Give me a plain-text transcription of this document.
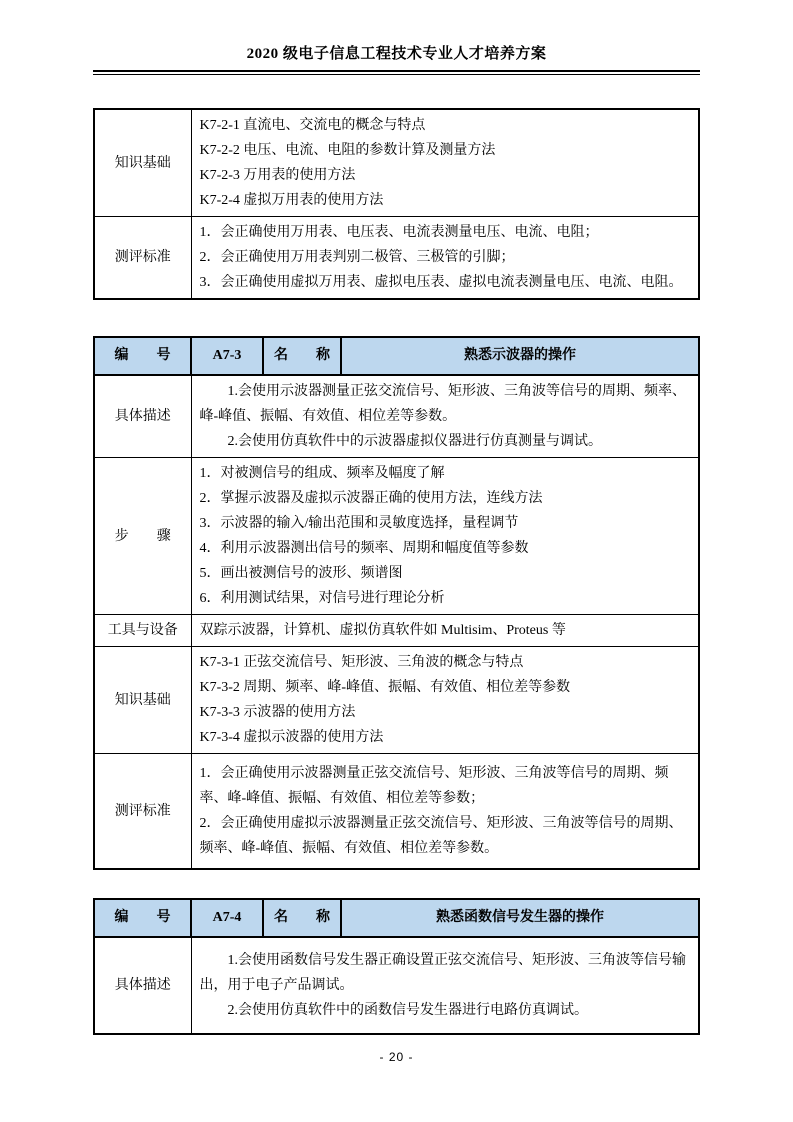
2020 级电子信息工程技术专业人才培养方案
知识基础	K7-2-1 直流电、交流电的概念与特点
K7-2-2 电压、电流、电阻的参数计算及测量方法
K7-2-3 万用表的使用方法
K7-2-4 虚拟万用表的使用方法

测评标准	1．会正确使用万用表、电压表、电流表测量电压、电流、电阻；
2．会正确使用万用表判别二极管、三极管的引脚；
3．会正确使用虚拟万用表、虚拟电压表、虚拟电流表测量电压、电流、电阻。
编　　号	A7-3	名　　称	熟悉示波器的操作
具体描述	1.会使用示波器测量正弦交流信号、矩形波、三角波等信号的周期、频率、峰-峰值、振幅、有效值、相位差等参数。
2.会使用仿真软件中的示波器虚拟仪器进行仿真测量与调试。		

步　　骤	
1．对被测信号的组成、频率及幅度了解
2．掌握示波器及虚拟示波器正确的使用方法，连线方法
3．示波器的输入/输出范围和灵敏度选择，量程调节
4．利用示波器测出信号的频率、周期和幅度值等参数
5．画出被测信号的波形、频谱图
6．利用测试结果，对信号进行理论分析

工具与设备	双踪示波器，计算机、虚拟仿真软件如 Multisim、Proteus 等		

知识基础	K7-3-1 正弦交流信号、矩形波、三角波的概念与特点
K7-3-2 周期、频率、峰-峰值、振幅、有效值、相位差等参数
K7-3-3 示波器的使用方法
K7-3-4 虚拟示波器的使用方法		

测评标准	1．会正确使用示波器测量正弦交流信号、矩形波、三角波等信号的周期、频率、峰-峰值、振幅、有效值、相位差等参数；
2．会正确使用虚拟示波器测量正弦交流信号、矩形波、三角波等信号的周期、频率、峰-峰值、振幅、有效值、相位差等参数。		
编　　号	A7-4	名　　称	熟悉函数信号发生器的操作
具体描述	1.会使用函数信号发生器正确设置正弦交流信号、矩形波、三角波等信号输出，用于电子产品调试。
2.会使用仿真软件中的函数信号发生器进行电路仿真调试。		
- 20 -
